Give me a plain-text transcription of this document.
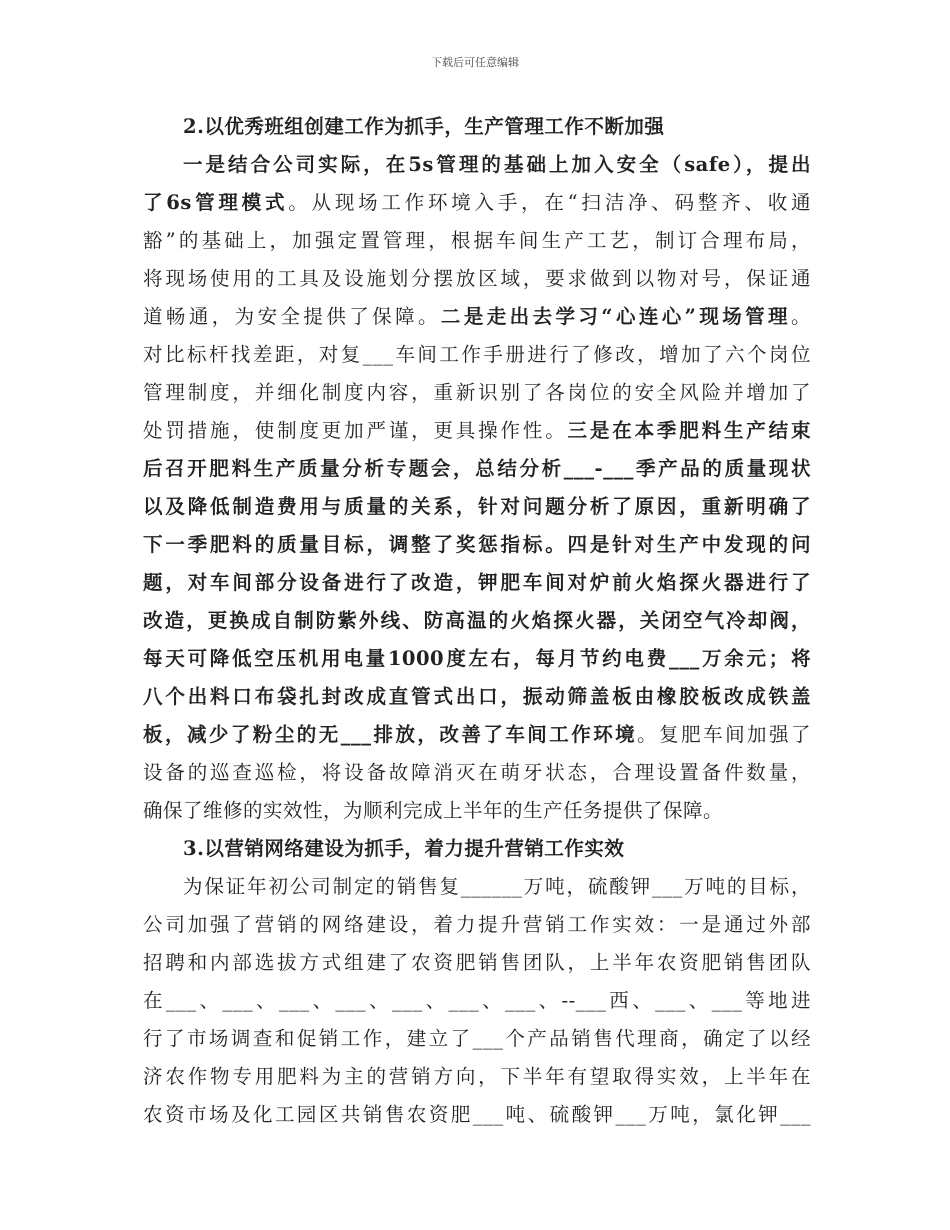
下载后可任意编辑
2.以优秀班组创建工作为抓手，生产管理工作不断加强
一是结合公司实际，在5s管理的基础上加入安全（safe），提出
了6s管理模式。从现场工作环境入手，在“扫洁净、码整齐、收通
豁”的基础上，加强定置管理，根据车间生产工艺，制订合理布局，
将现场使用的工具及设施划分摆放区域，要求做到以物对号，保证通
道畅通，为安全提供了保障。二是走出去学习“心连心”现场管理。
对比标杆找差距，对复___车间工作手册进行了修改，增加了六个岗位
管理制度，并细化制度内容，重新识别了各岗位的安全风险并增加了
处罚措施，使制度更加严谨，更具操作性。三是在本季肥料生产结束
后召开肥料生产质量分析专题会，总结分析___-___季产品的质量现状
以及降低制造费用与质量的关系，针对问题分析了原因，重新明确了
下一季肥料的质量目标，调整了奖惩指标。四是针对生产中发现的问
题，对车间部分设备进行了改造，钾肥车间对炉前火焰探火器进行了
改造，更换成自制防紫外线、防高温的火焰探火器，关闭空气冷却阀，
每天可降低空压机用电量1000度左右，每月节约电费___万余元；将
八个出料口布袋扎封改成直管式出口，振动筛盖板由橡胶板改成铁盖
板，减少了粉尘的无___排放，改善了车间工作环境。复肥车间加强了
设备的巡查巡检，将设备故障消灭在萌牙状态，合理设置备件数量，
确保了维修的实效性，为顺利完成上半年的生产任务提供了保障。
3.以营销网络建设为抓手，着力提升营销工作实效
为保证年初公司制定的销售复______万吨，硫酸钾___万吨的目标，
公司加强了营销的网络建设，着力提升营销工作实效：一是通过外部
招聘和内部选拔方式组建了农资肥销售团队，上半年农资肥销售团队
在___、___、___、___、___、___、___、--___西、___、___等地进
行了市场调查和促销工作，建立了___个产品销售代理商，确定了以经
济农作物专用肥料为主的营销方向，下半年有望取得实效，上半年在
农资市场及化工园区共销售农资肥___吨、硫酸钾___万吨，氯化钾___
